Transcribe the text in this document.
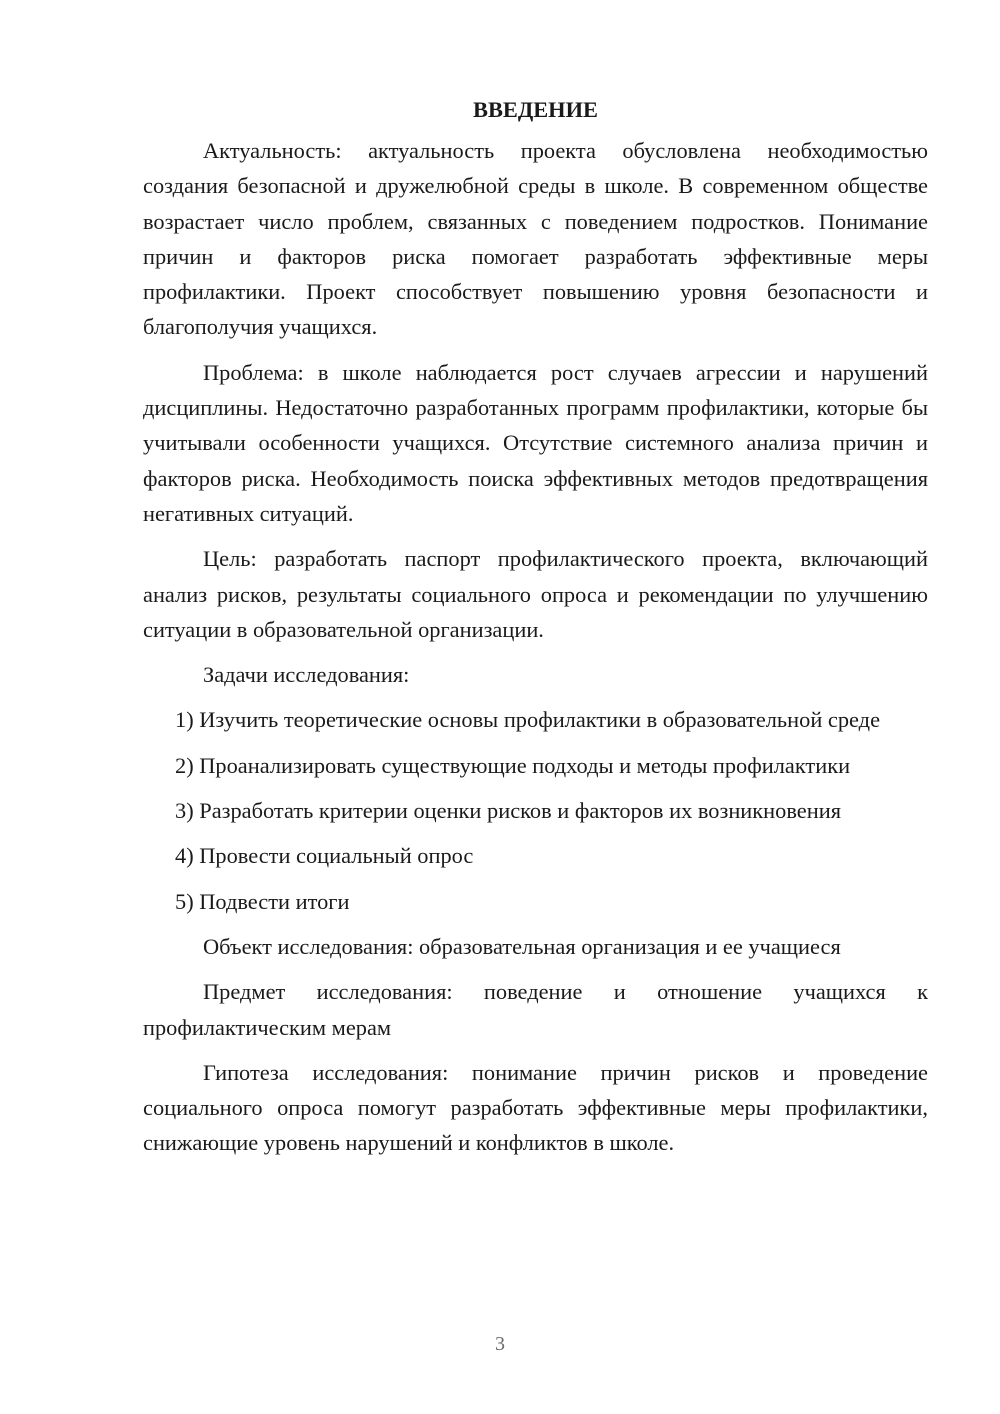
ВВЕДЕНИЕ

Актуальность: актуальность проекта обусловлена необходимостью создания безопасной и дружелюбной среды в школе. В современном обществе возрастает число проблем, связанных с поведением подростков. Понимание причин и факторов риска помогает разработать эффективные меры профилактики. Проект способствует повышению уровня безопасности и благополучия учащихся.

Проблема: в школе наблюдается рост случаев агрессии и нарушений дисциплины. Недостаточно разработанных программ профилактики, которые бы учитывали особенности учащихся. Отсутствие системного анализа причин и факторов риска. Необходимость поиска эффективных методов предотвращения негативных ситуаций.

Цель: разработать паспорт профилактического проекта, включающий анализ рисков, результаты социального опроса и рекомендации по улучшению ситуации в образовательной организации.

Задачи исследования:

1) Изучить теоретические основы профилактики в образовательной среде

2) Проанализировать существующие подходы и методы профилактики

3) Разработать критерии оценки рисков и факторов их возникновения

4) Провести социальный опрос

5) Подвести итоги

Объект исследования: образовательная организация и ее учащиеся

Предмет исследования: поведение и отношение учащихся к профилактическим мерам

Гипотеза исследования: понимание причин рисков и проведение социального опроса помогут разработать эффективные меры профилактики, снижающие уровень нарушений и конфликтов в школе.

3
